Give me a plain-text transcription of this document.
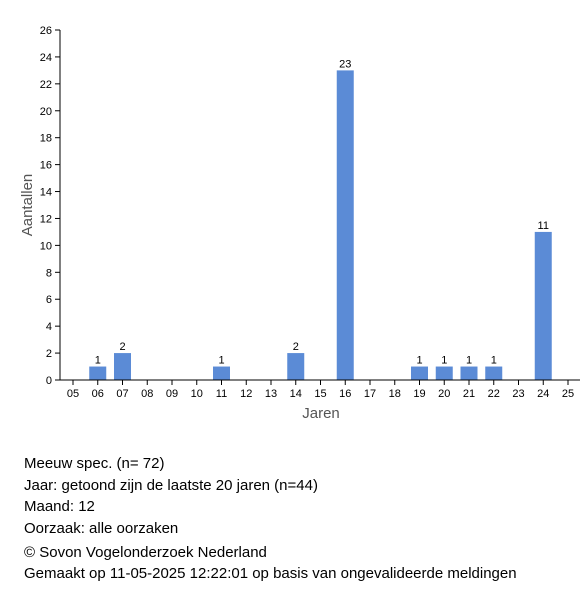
1
2
1
2
23
1 1 1 1
11
0
2
4
6
8
10
12
14
16
18
20
22
24
26
05 06 07 08 09 10 11 12 13 14 15 16 17 18 19 20 21 22 23 24 25
Jaren
Aantallen
Meeuw spec. (n= 72)
Jaar: getoond zijn de laatste 20 jaren (n=44)
Maand: 12
Oorzaak: alle oorzaken
© Sovon Vogelonderzoek Nederland
Gemaakt op 11-05-2025 12:22:01 op basis van ongevalideerde meldingen
